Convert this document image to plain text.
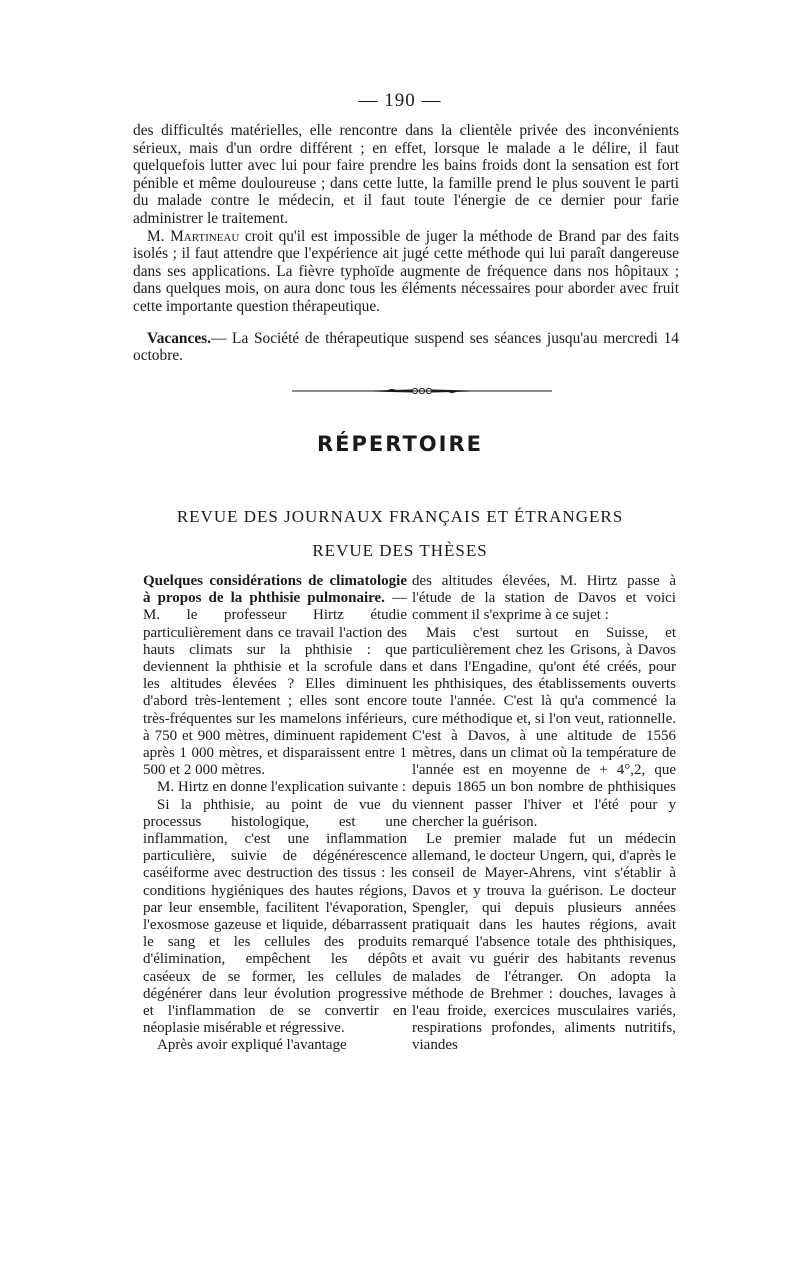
— 190 —

des difficultés matérielles, elle rencontre dans la clientèle privée des inconvénients sérieux, mais d'un ordre différent ; en effet, lorsque le malade a le délire, il faut quelquefois lutter avec lui pour faire prendre les bains froids dont la sensation est fort pénible et même douloureuse ; dans cette lutte, la famille prend le plus souvent le parti du malade contre le médecin, et il faut toute l'énergie de ce dernier pour farie administrer le traitement.

M. Martineau croit qu'il est impossible de juger la méthode de Brand par des faits isolés ; il faut attendre que l'expérience ait jugé cette méthode qui lui paraît dangereuse dans ses applications. La fièvre typhoïde augmente de fréquence dans nos hôpitaux ; dans quelques mois, on aura donc tous les éléments nécessaires pour aborder avec fruit cette importante question thérapeutique.

Vacances.— La Société de thérapeutique suspend ses séances jusqu'au mercredi 14 octobre.

RÉPERTOIRE
REVUE DES JOURNAUX FRANÇAIS ET ÉTRANGERS
REVUE DES THÈSES

Quelques considérations de climatologie à propos de la phthisie pulmonaire. — M. le professeur Hirtz étudie particulièrement dans ce travail l'action des hauts climats sur la phthisie : que deviennent la phthisie et la scrofule dans les altitudes élevées ? Elles diminuent d'abord très-lentement ; elles sont encore très-fréquentes sur les mamelons inférieurs, à 750 et 900 mètres, diminuent rapidement après 1 000 mètres, et disparaissent entre 1 500 et 2 000 mètres.

M. Hirtz en donne l'explication suivante :

Si la phthisie, au point de vue du processus histologique, est une inflammation, c'est une inflammation particulière, suivie de dégénérescence caséiforme avec destruction des tissus : les conditions hygiéniques des hautes régions, par leur ensemble, facilitent l'évaporation, l'exosmose gazeuse et liquide, débarrassent le sang et les cellules des produits d'élimination, empêchent les dépôts caséeux de se former, les cellules de dégénérer dans leur évolution progressive et l'inflammation de se convertir en néoplasie misérable et régressive.

Après avoir expliqué l'avantage

des altitudes élevées, M. Hirtz passe à l'étude de la station de Davos et voici comment il s'exprime à ce sujet :

Mais c'est surtout en Suisse, et particulièrement chez les Grisons, à Davos et dans l'Engadine, qu'ont été créés, pour les phthisiques, des établissements ouverts toute l'année. C'est là qu'a commencé la cure méthodique et, si l'on veut, rationnelle. C'est à Davos, à une altitude de 1556 mètres, dans un climat où la température de l'année est en moyenne de + 4°,2, que depuis 1865 un bon nombre de phthisiques viennent passer l'hiver et l'été pour y chercher la guérison.

Le premier malade fut un médecin allemand, le docteur Ungern, qui, d'après le conseil de Mayer-Ahrens, vint s'établir à Davos et y trouva la guérison. Le docteur Spengler, qui depuis plusieurs années pratiquait dans les hautes régions, avait remarqué l'absence totale des phthisiques, et avait vu guérir des habitants revenus malades de l'étranger. On adopta la méthode de Brehmer : douches, lavages à l'eau froide, exercices musculaires variés, respirations profondes, aliments nutritifs, viandes
